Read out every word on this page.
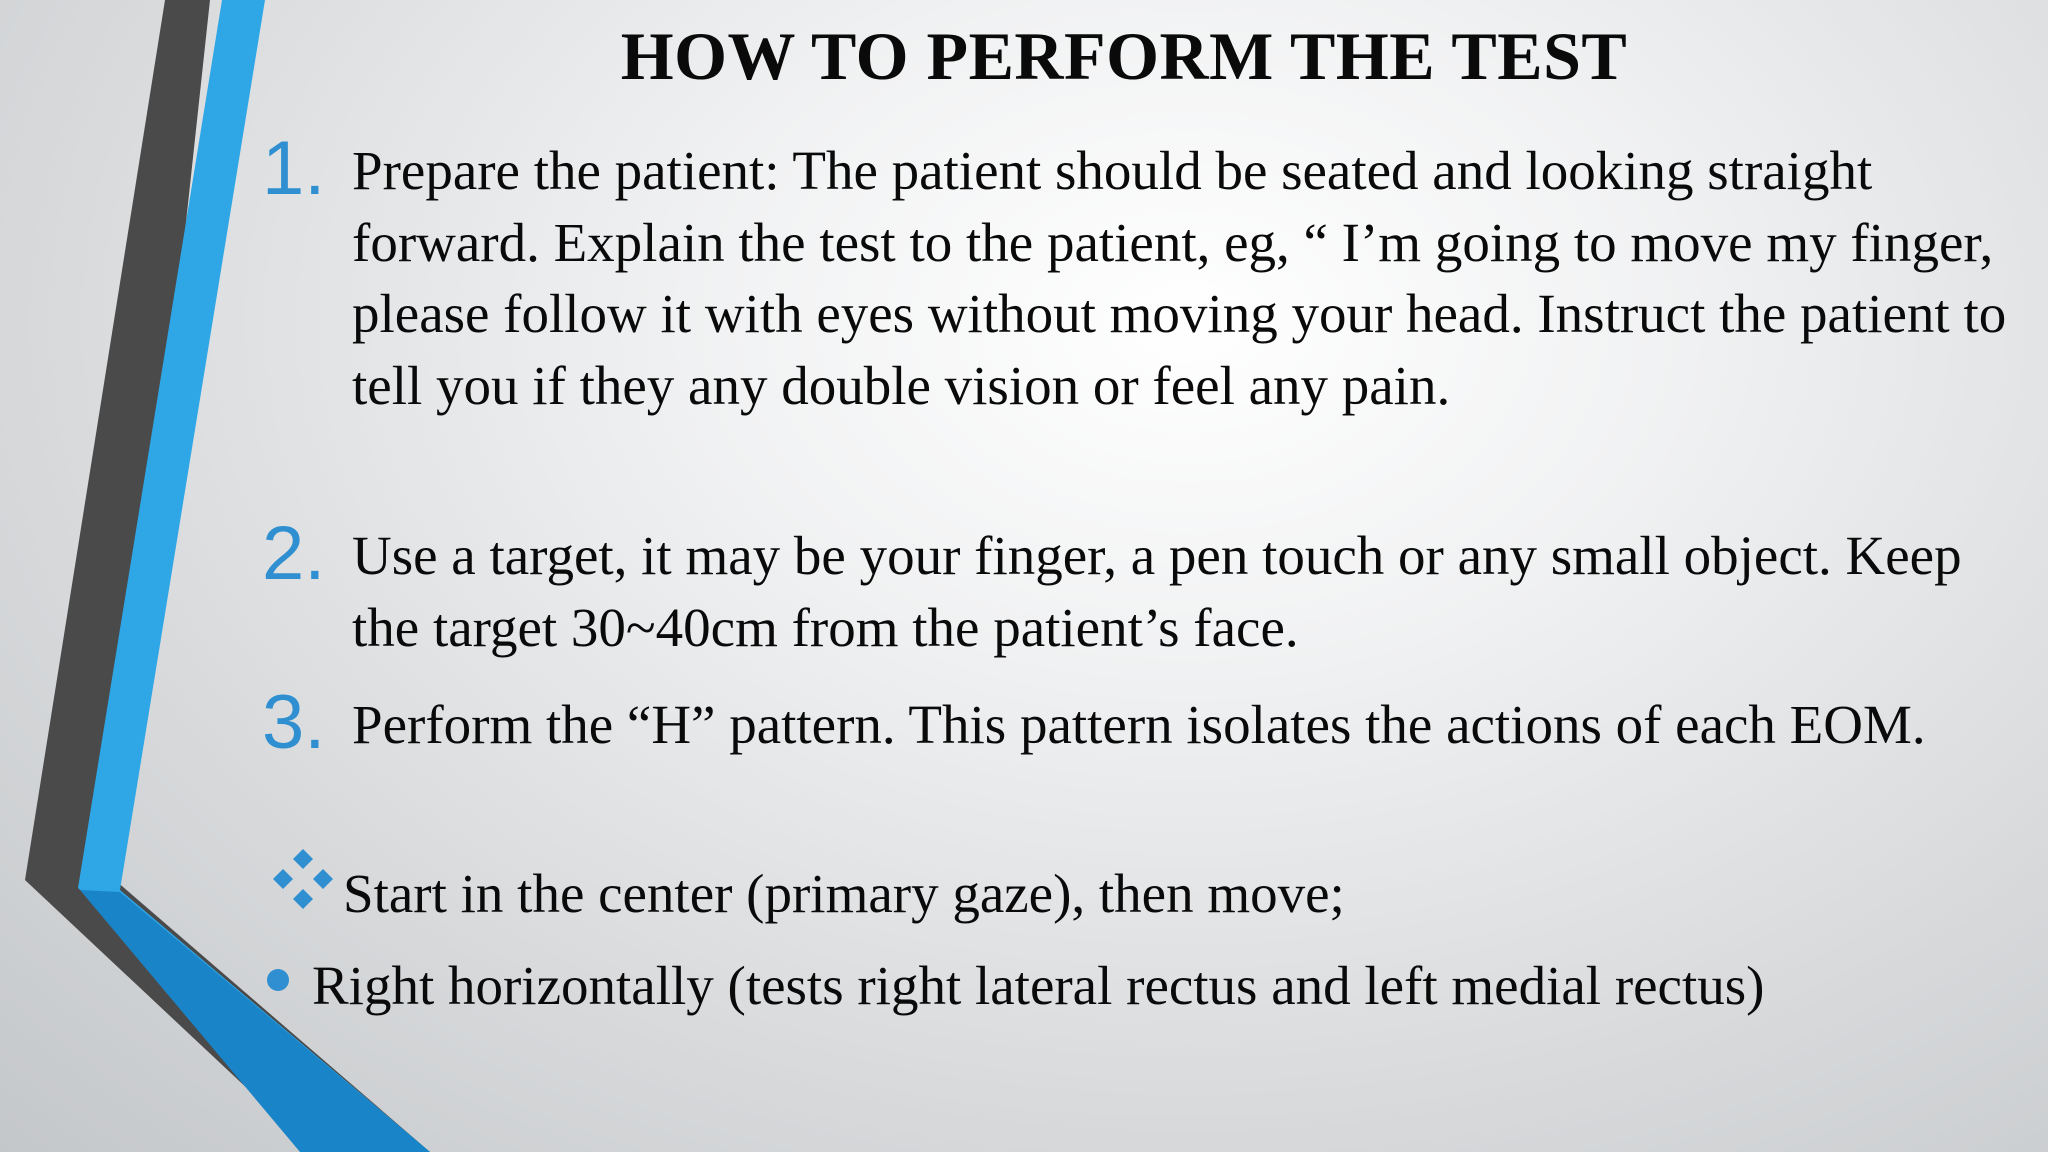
HOW TO PERFORM THE TEST
1. Prepare the patient: The patient should be seated and looking straight forward. Explain the test to the patient, eg, “ I’m going to move my finger, please follow it with eyes without moving your head. Instruct the patient to tell you if they any double vision or feel any pain.
2. Use a target, it may be your finger, a pen touch or any small object. Keep the target 30~40cm from the patient’s face.
3. Perform the “H” pattern. This pattern isolates the actions of each EOM.
Start in the center (primary gaze), then move;
Right horizontally (tests right lateral rectus and left medial rectus)
